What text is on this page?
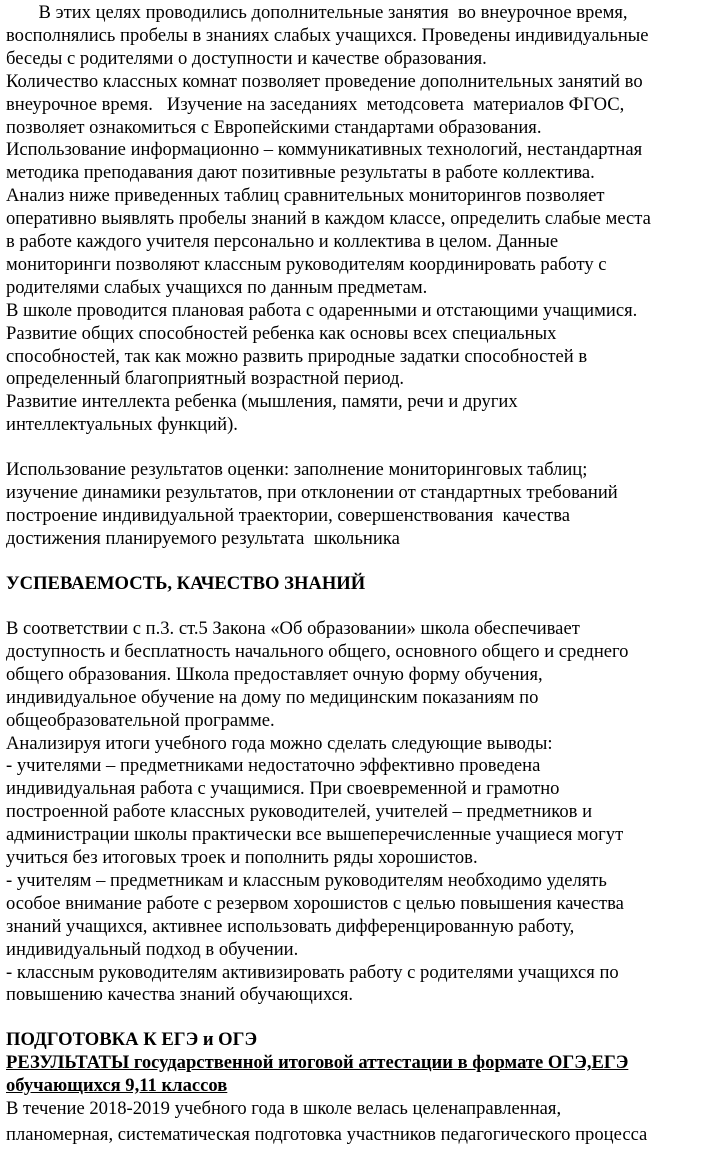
В этих целях проводились дополнительные занятия  во внеурочное время,
восполнялись пробелы в знаниях слабых учащихся. Проведены индивидуальные
беседы с родителями о доступности и качестве образования.
Количество классных комнат позволяет проведение дополнительных занятий во
внеурочное время.   Изучение на заседаниях  методсовета  материалов ФГОС,
позволяет ознакомиться с Европейскими стандартами образования.
Использование информационно – коммуникативных технологий, нестандартная
методика преподавания дают позитивные результаты в работе коллектива.
Анализ ниже приведенных таблиц сравнительных мониторингов позволяет
оперативно выявлять пробелы знаний в каждом классе, определить слабые места
в работе каждого учителя персонально и коллектива в целом. Данные
мониторинги позволяют классным руководителям координировать работу с
родителями слабых учащихся по данным предметам.
В школе проводится плановая работа с одаренными и отстающими учащимися.
Развитие общих способностей ребенка как основы всех специальных
способностей, так как можно развить природные задатки способностей в
определенный благоприятный возрастной период.
Развитие интеллекта ребенка (мышления, памяти, речи и других
интеллектуальных функций).
Использование результатов оценки: заполнение мониторинговых таблиц;
изучение динамики результатов, при отклонении от стандартных требований
построение индивидуальной траектории, совершенствования  качества
достижения планируемого результата  школьника
УСПЕВАЕМОСТЬ, КАЧЕСТВО ЗНАНИЙ
В соответствии с п.3. ст.5 Закона «Об образовании» школа обеспечивает
доступность и бесплатность начального общего, основного общего и среднего
общего образования. Школа предоставляет очную форму обучения,
индивидуальное обучение на дому по медицинским показаниям по
общеобразовательной программе.
Анализируя итоги учебного года можно сделать следующие выводы:
- учителями – предметниками недостаточно эффективно проведена
индивидуальная работа с учащимися. При своевременной и грамотно
построенной работе классных руководителей, учителей – предметников и
администрации школы практически все вышеперечисленные учащиеся могут
учиться без итоговых троек и пополнить ряды хорошистов.
- учителям – предметникам и классным руководителям необходимо уделять
особое внимание работе с резервом хорошистов с целью повышения качества
знаний учащихся, активнее использовать дифференцированную работу,
индивидуальный подход в обучении.
- классным руководителям активизировать работу с родителями учащихся по
повышению качества знаний обучающихся.
ПОДГОТОВКА К ЕГЭ и ОГЭ
РЕЗУЛЬТАТЫ государственной итоговой аттестации в формате ОГЭ,ЕГЭ
обучающихся 9,11 классов
В течение 2018-2019 учебного года в школе велась целенаправленная,
планомерная, систематическая подготовка участников педагогического процесса
